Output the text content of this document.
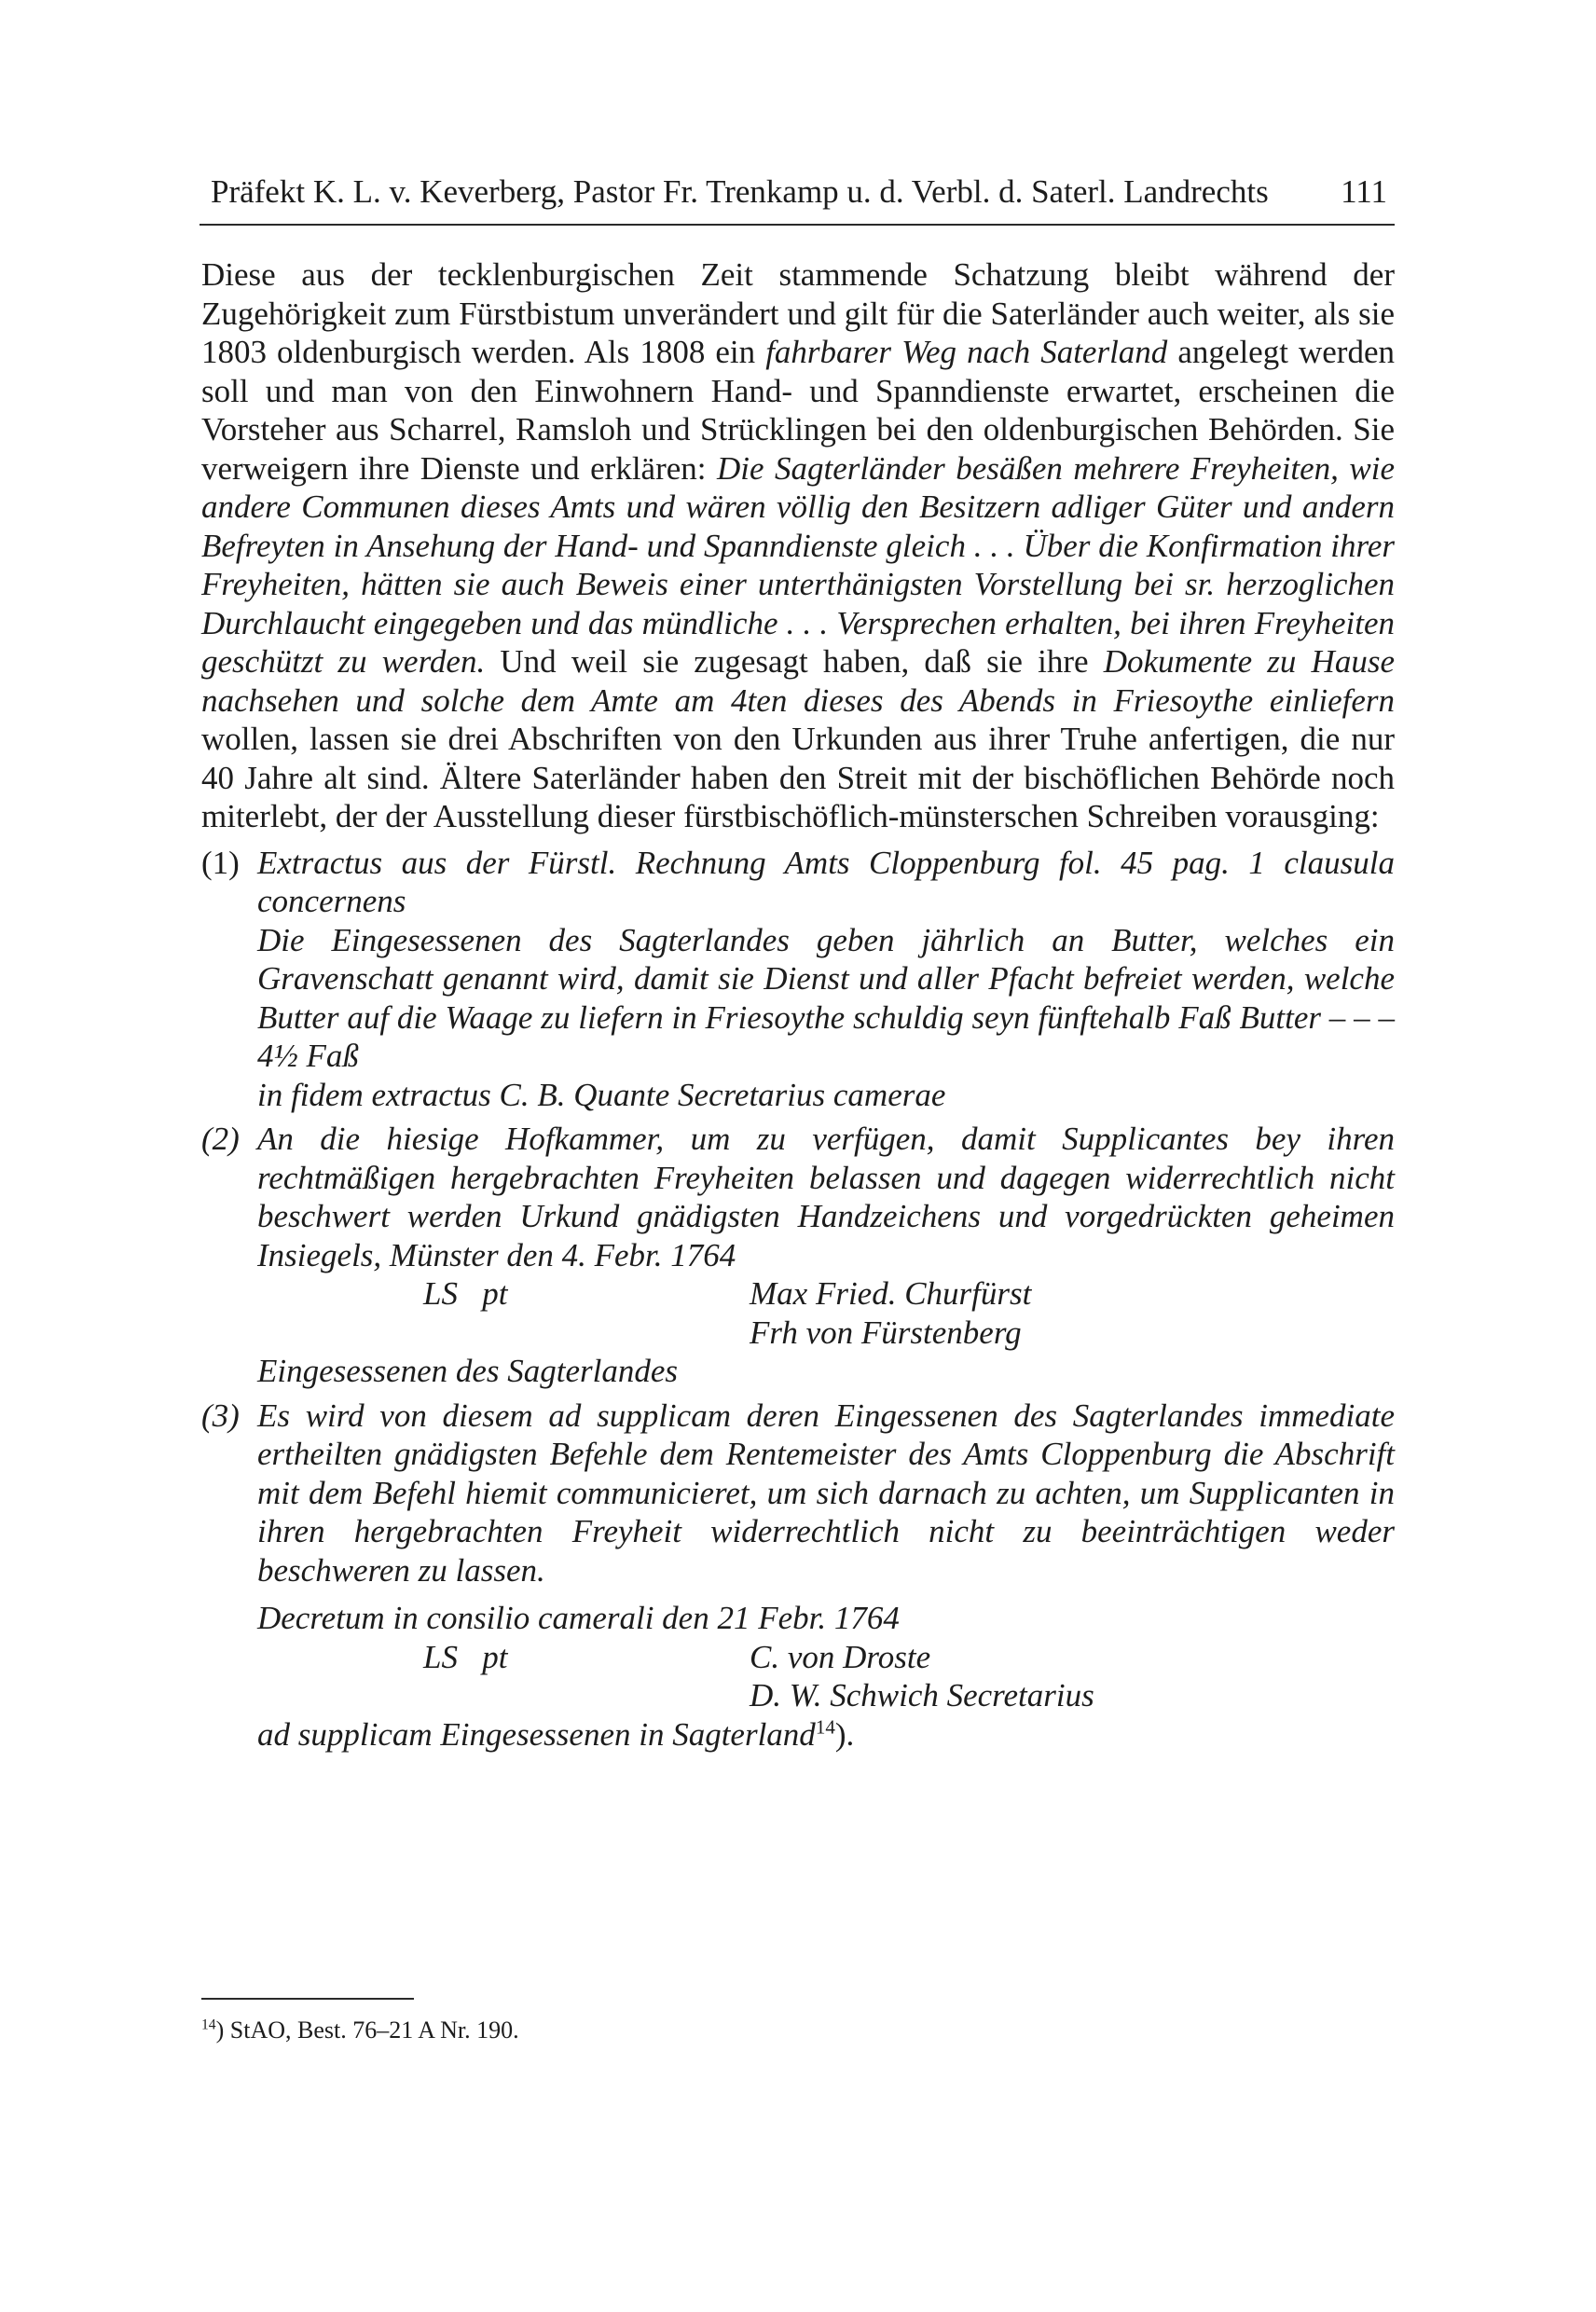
Präfekt K. L. v. Keverberg, Pastor Fr. Trenkamp u. d. Verbl. d. Saterl. Landrechts 111

Diese aus der tecklenburgischen Zeit stammende Schatzung bleibt während der Zugehörigkeit zum Fürstbistum unverändert und gilt für die Saterländer auch weiter, als sie 1803 oldenburgisch werden. Als 1808 ein fahrbarer Weg nach Saterland angelegt werden soll und man von den Einwohnern Hand- und Spanndienste erwartet, erscheinen die Vorsteher aus Scharrel, Ramsloh und Strücklingen bei den oldenburgischen Behörden. Sie verweigern ihre Dienste und erklären: Die Sagterländer besäßen mehrere Freyheiten, wie andere Communen dieses Amts und wären völlig den Besitzern adliger Güter und andern Befreyten in Ansehung der Hand- und Spanndienste gleich . . . Über die Konfirmation ihrer Freyheiten, hätten sie auch Beweis einer unterthänigsten Vorstellung bei sr. herzoglichen Durchlaucht eingegeben und das mündliche . . . Versprechen erhalten, bei ihren Freyheiten geschützt zu werden. Und weil sie zugesagt haben, daß sie ihre Dokumente zu Hause nachsehen und solche dem Amte am 4ten dieses des Abends in Friesoythe einliefern wollen, lassen sie drei Abschriften von den Urkunden aus ihrer Truhe anfertigen, die nur 40 Jahre alt sind. Ältere Saterländer haben den Streit mit der bischöflichen Behörde noch miterlebt, der der Ausstellung dieser fürstbischöflich-münsterschen Schreiben vorausging:

(1) Extractus aus der Fürstl. Rechnung Amts Cloppenburg fol. 45 pag. 1 clausula concernens
Die Eingesessenen des Sagterlandes geben jährlich an Butter, welches ein Gravenschatt genannt wird, damit sie Dienst und aller Pfacht befreiet werden, welche Butter auf die Waage zu liefern in Friesoythe schuldig seyn fünftehalb Faß Butter – – – 4½ Faß
in fidem extractus C. B. Quante Secretarius camerae
(2) An die hiesige Hofkammer, um zu verfügen, damit Supplicantes bey ihren rechtmäßigen hergebrachten Freyheiten belassen und dagegen widerrechtlich nicht beschwert werden Urkund gnädigsten Handzeichens und vorgedrückten geheimen Insiegels, Münster den 4. Febr. 1764
LS   pt	Max Fried. Churfürst
Frh von Fürstenberg
Eingesessenen des Sagterlandes
(3) Es wird von diesem ad supplicam deren Eingessenen des Sagterlandes immediate ertheilten gnädigsten Befehle dem Rentemeister des Amts Cloppenburg die Abschrift mit dem Befehl hiemit communicieret, um sich darnach zu achten, um Supplicanten in ihren hergebrachten Freyheit widerrechtlich nicht zu beeinträchtigen weder beschweren zu lassen.
Decretum in consilio camerali den 21 Febr. 1764
LS   pt	C. von Droste
D. W. Schwich Secretarius
ad supplicam Eingesessenen in Sagterland$^{14}$).
$^{14}$) StAO, Best. 76–21 A Nr. 190.
